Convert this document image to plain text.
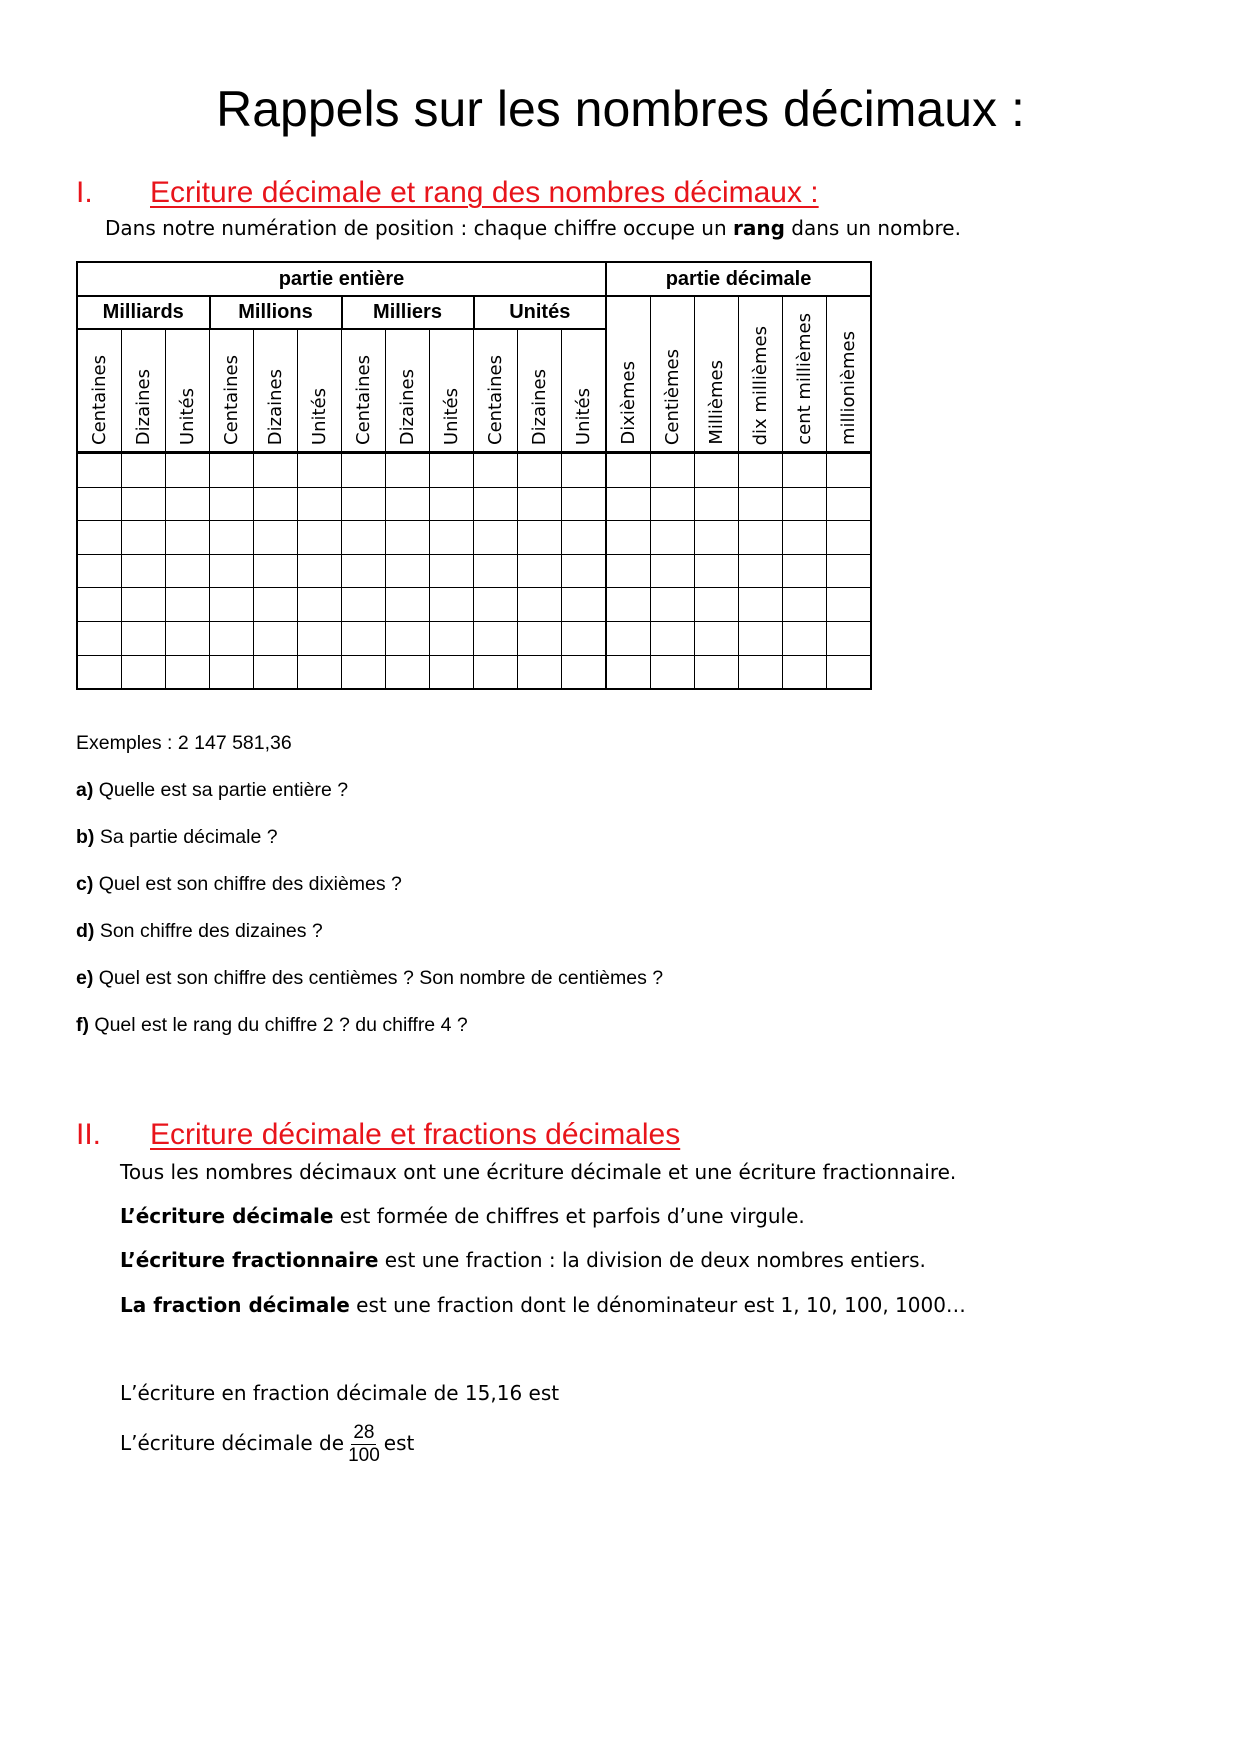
Rappels sur les nombres décimaux :
I. Ecriture décimale et rang des nombres décimaux :
Dans notre numération de position : chaque chiffre occupe un rang dans un nombre.
partie entière												partie décimale					
Milliards			Millions			Milliers			Unités			Dixièmes	Centièmes	Millièmes	dix millièmes	cent millièmes	millionièmes
Centaines	Dizaines	Unités	Centaines	Dizaines	Unités	Centaines	Dizaines	Unités	Centaines	Dizaines	Unités						

Exemples : 2 147 581,36
a) Quelle est sa partie entière ?
b) Sa partie décimale ?
c) Quel est son chiffre des dixièmes ?
d) Son chiffre des dizaines ?
e) Quel est son chiffre des centièmes ? Son nombre de centièmes ?
f) Quel est le rang du chiffre 2 ? du chiffre 4 ?
II. Ecriture décimale et fractions décimales
Tous les nombres décimaux ont une écriture décimale et une écriture fractionnaire.
L’écriture décimale est formée de chiffres et parfois d’une virgule.
L’écriture fractionnaire est une fraction : la division de deux nombres entiers.
La fraction décimale est une fraction dont le dénominateur est 1, 10, 100, 1000…
L’écriture en fraction décimale de 15,16 est
L’écriture décimale de $\frac{28}{100}$ est
